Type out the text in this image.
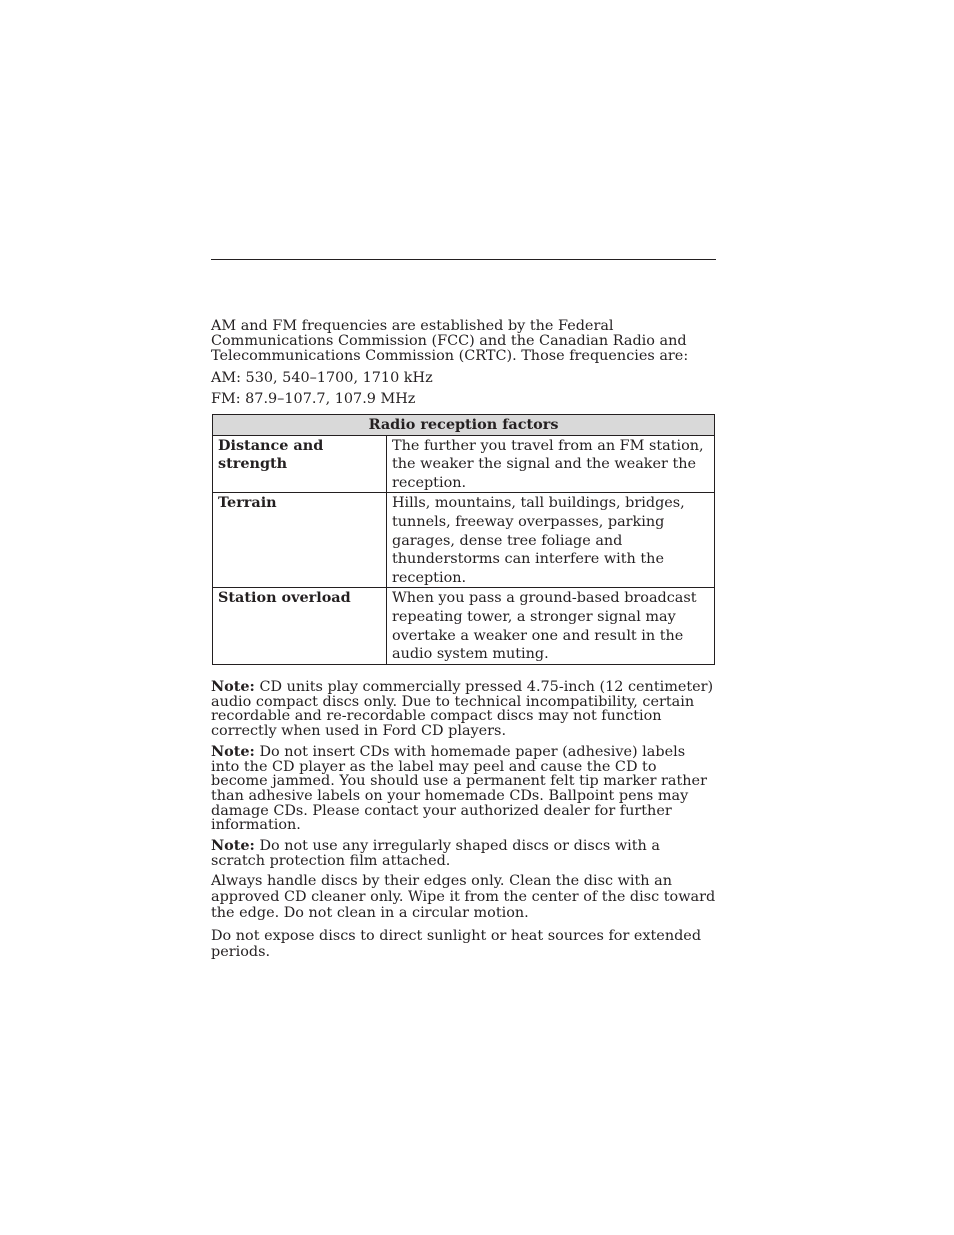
AM and FM frequencies are established by the Federal Communications Commission (FCC) and the Canadian Radio and Telecommunications Commission (CRTC). Those frequencies are:

AM: 530, 540–1700, 1710 kHz

FM: 87.9–107.7, 107.9 MHz

Radio reception factors	
Distance and strength	The further you travel from an FM station, the weaker the signal and the weaker the reception.
Terrain	Hills, mountains, tall buildings, bridges, tunnels, freeway overpasses, parking garages, dense tree foliage and thunderstorms can interfere with the reception.
Station overload	When you pass a ground-based broadcast repeating tower, a stronger signal may overtake a weaker one and result in the audio system muting.

Note: CD units play commercially pressed 4.75-inch (12 centimeter) audio compact discs only. Due to technical incompatibility, certain recordable and re-recordable compact discs may not function correctly when used in Ford CD players.

Note: Do not insert CDs with homemade paper (adhesive) labels into the CD player as the label may peel and cause the CD to become jammed. You should use a permanent felt tip marker rather than adhesive labels on your homemade CDs. Ballpoint pens may damage CDs. Please contact your authorized dealer for further information.

Note: Do not use any irregularly shaped discs or discs with a scratch protection film attached.

Always handle discs by their edges only. Clean the disc with an approved CD cleaner only. Wipe it from the center of the disc toward the edge. Do not clean in a circular motion.

Do not expose discs to direct sunlight or heat sources for extended periods.
